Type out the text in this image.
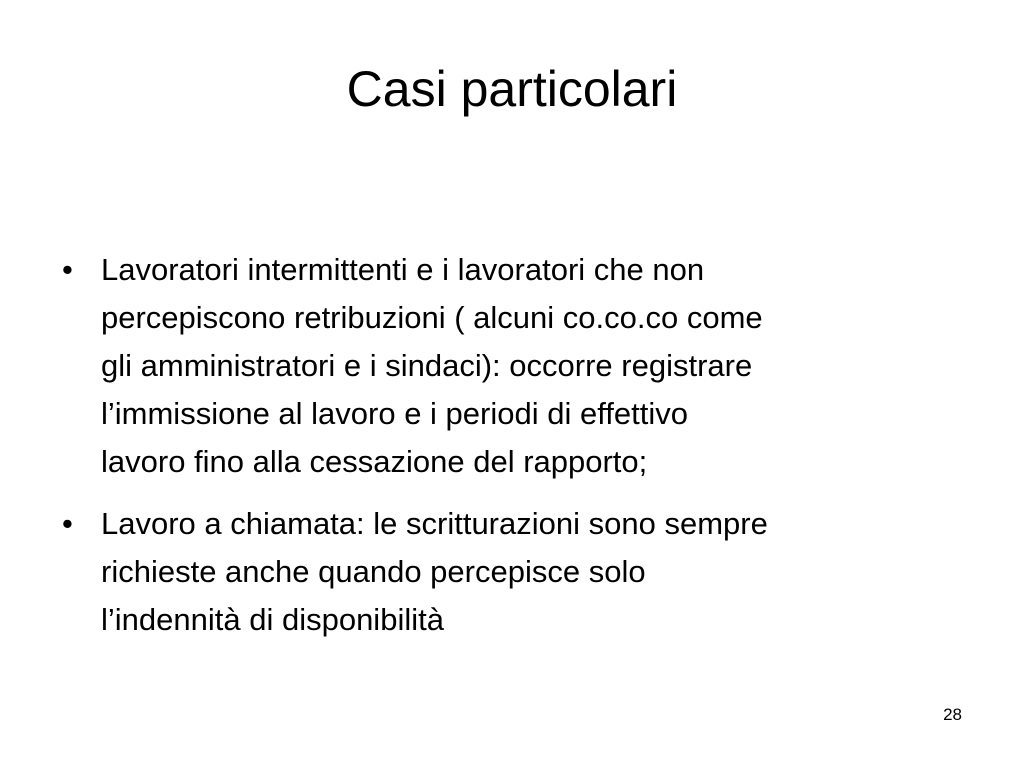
Casi particolari
• Lavoratori intermittenti e i lavoratori che non
percepiscono retribuzioni ( alcuni co.co.co come
gli amministratori e i sindaci): occorre registrare
l’immissione al lavoro e i periodi di effettivo
lavoro fino alla cessazione del rapporto;
• Lavoro a chiamata: le scritturazioni sono sempre
richieste anche quando percepisce solo
l’indennità di disponibilità
28
